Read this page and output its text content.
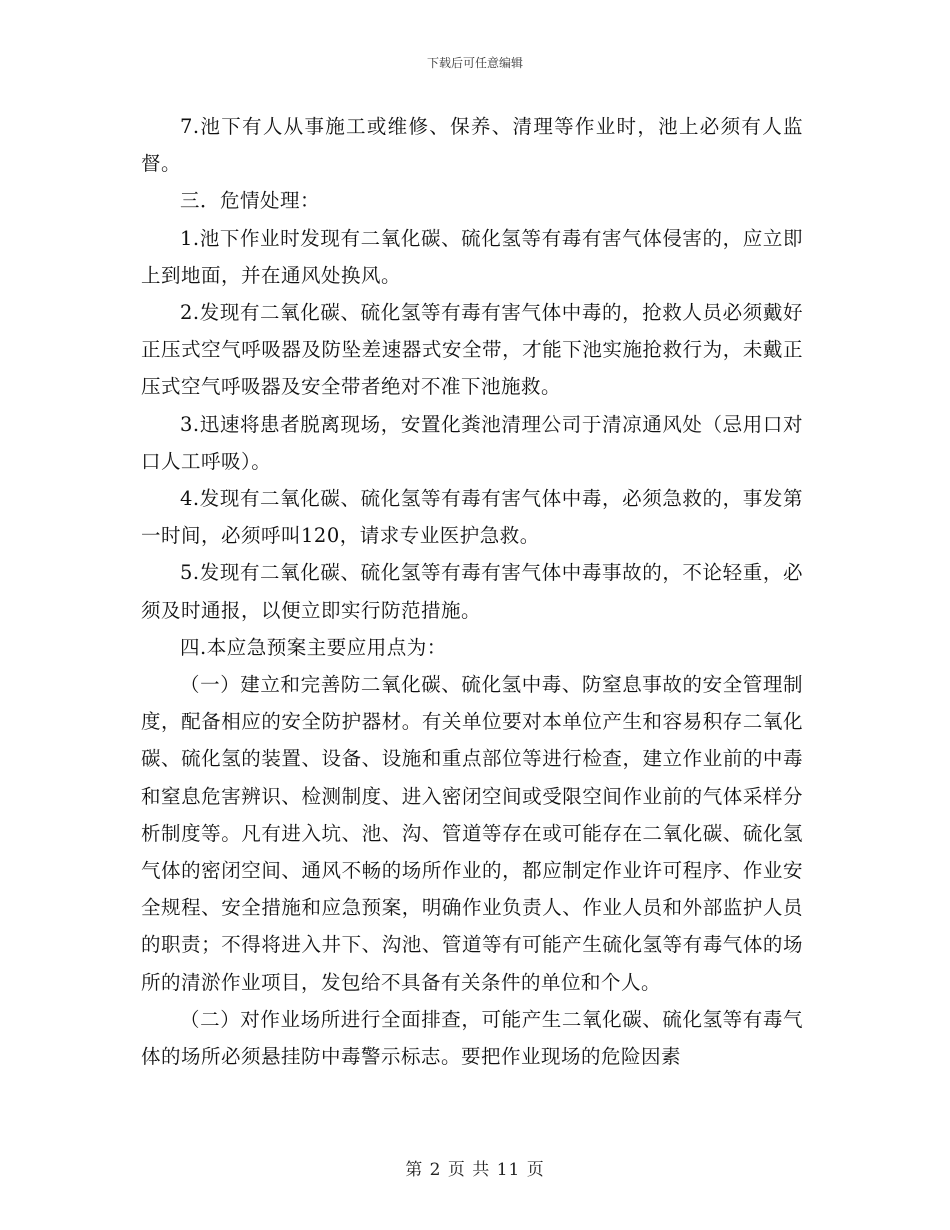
下载后可任意编辑

7.池下有人从事施工或维修、保养、清理等作业时，池上必须有人监督。

三．危情处理：

1.池下作业时发现有二氧化碳、硫化氢等有毒有害气体侵害的，应立即上到地面，并在通风处换风。

2.发现有二氧化碳、硫化氢等有毒有害气体中毒的，抢救人员必须戴好正压式空气呼吸器及防坠差速器式安全带，才能下池实施抢救行为，未戴正压式空气呼吸器及安全带者绝对不准下池施救。

3.迅速将患者脱离现场，安置化粪池清理公司于清凉通风处（忌用口对口人工呼吸）。

4.发现有二氧化碳、硫化氢等有毒有害气体中毒，必须急救的，事发第一时间，必须呼叫120，请求专业医护急救。

5.发现有二氧化碳、硫化氢等有毒有害气体中毒事故的，不论轻重，必须及时通报，以便立即实行防范措施。

四.本应急预案主要应用点为：

（一）建立和完善防二氧化碳、硫化氢中毒、防窒息事故的安全管理制度，配备相应的安全防护器材。有关单位要对本单位产生和容易积存二氧化碳、硫化氢的装置、设备、设施和重点部位等进行检查，建立作业前的中毒和窒息危害辨识、检测制度、进入密闭空间或受限空间作业前的气体采样分析制度等。凡有进入坑、池、沟、管道等存在或可能存在二氧化碳、硫化氢气体的密闭空间、通风不畅的场所作业的，都应制定作业许可程序、作业安全规程、安全措施和应急预案，明确作业负责人、作业人员和外部监护人员的职责；不得将进入井下、沟池、管道等有可能产生硫化氢等有毒气体的场所的清淤作业项目，发包给不具备有关条件的单位和个人。

（二）对作业场所进行全面排查，可能产生二氧化碳、硫化氢等有毒气体的场所必须悬挂防中毒警示标志。要把作业现场的危险因素

第 2 页 共 11 页
